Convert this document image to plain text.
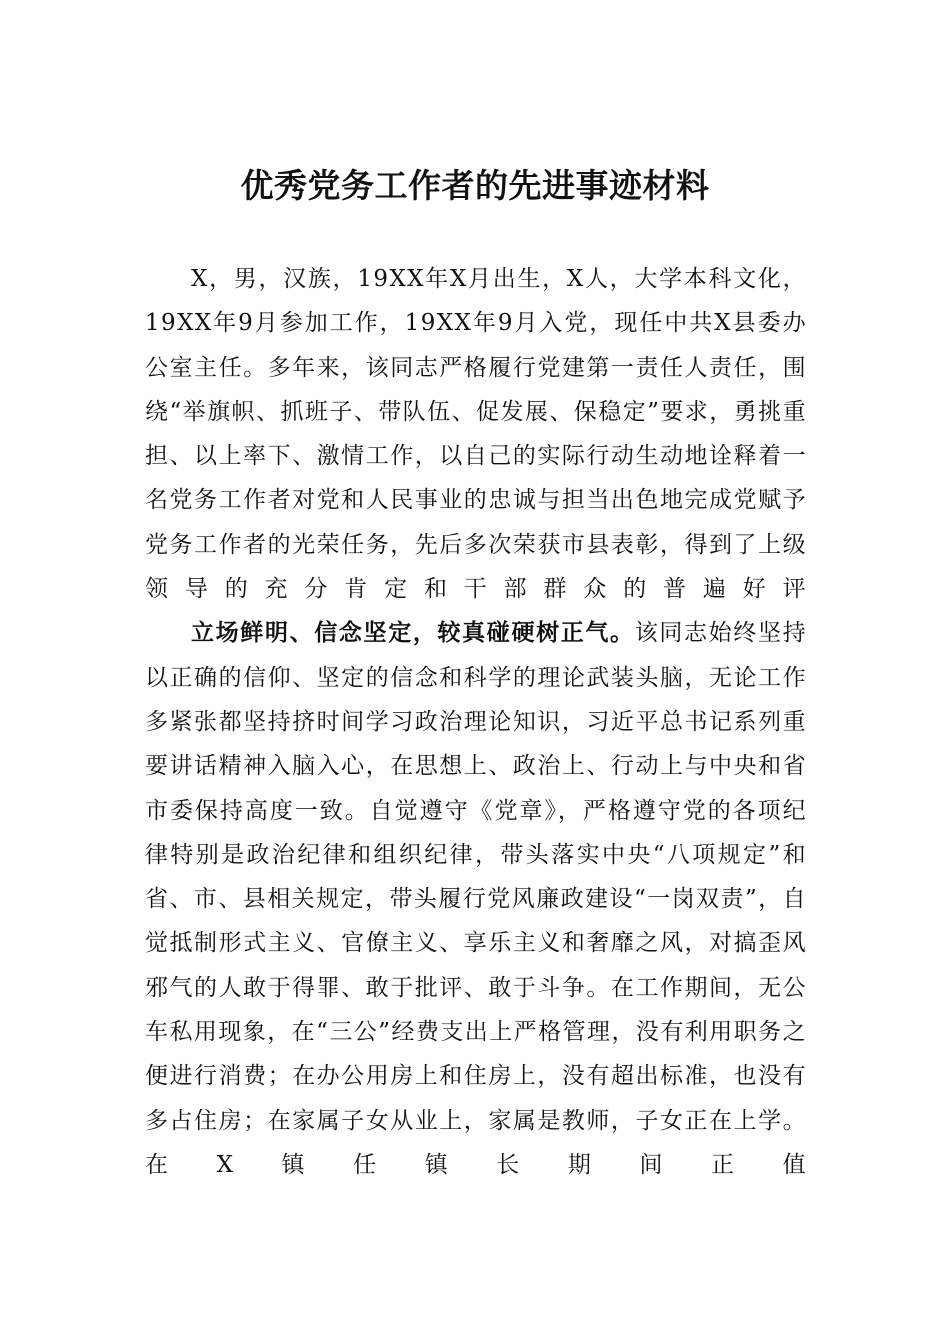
优秀党务工作者的先进事迹材料

X，男，汉族，19XX年X月出生，X人，大学本科文化，19XX年9月参加工作，19XX年9月入党，现任中共X县委办公室主任。多年来，该同志严格履行党建第一责任人责任，围绕“举旗帜、抓班子、带队伍、促发展、保稳定”要求，勇挑重担、以上率下、激情工作，以自己的实际行动生动地诠释着一名党务工作者对党和人民事业的忠诚与担当出色地完成党赋予党务工作者的光荣任务，先后多次荣获市县表彰，得到了上级领导的充分肯定和干部群众的普遍好评

立场鲜明、信念坚定，较真碰硬树正气。该同志始终坚持以正确的信仰、坚定的信念和科学的理论武装头脑，无论工作多紧张都坚持挤时间学习政治理论知识，习近平总书记系列重要讲话精神入脑入心，在思想上、政治上、行动上与中央和省市委保持高度一致。自觉遵守《党章》，严格遵守党的各项纪律特别是政治纪律和组织纪律，带头落实中央“八项规定”和省、市、县相关规定，带头履行党风廉政建设“一岗双责”，自觉抵制形式主义、官僚主义、享乐主义和奢靡之风，对搞歪风邪气的人敢于得罪、敢于批评、敢于斗争。在工作期间，无公车私用现象，在“三公”经费支出上严格管理，没有利用职务之便进行消费；在办公用房上和住房上，没有超出标准，也没有多占住房；在家属子女从业上，家属是教师，子女正在上学。在X镇任镇长期间正值
